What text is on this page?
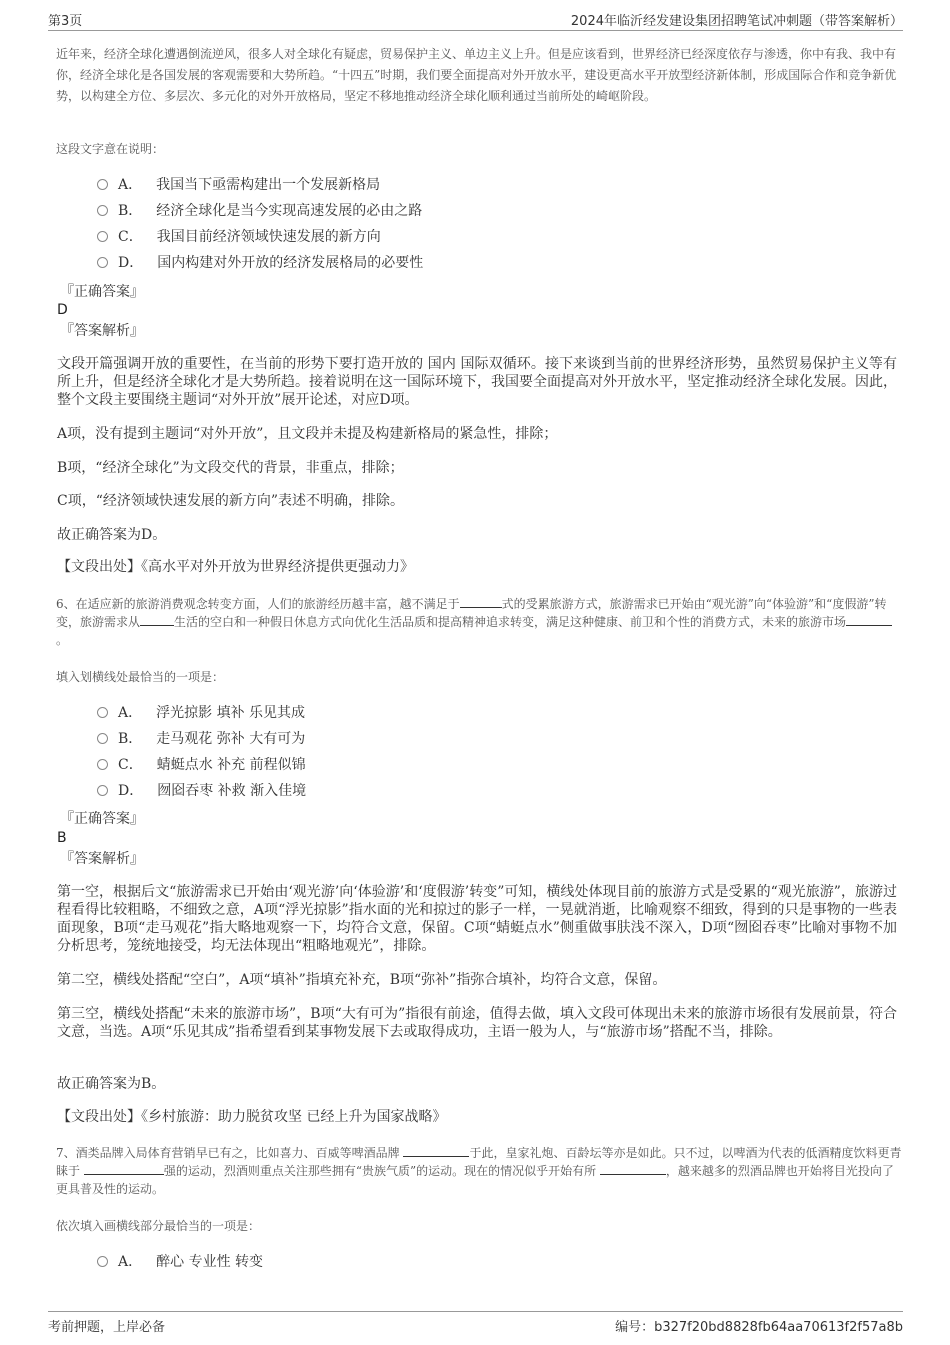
第3页	2024年临沂经发建设集团招聘笔试冲刺题（带答案解析）

近年来，经济全球化遭遇倒流逆风，很多人对全球化有疑虑，贸易保护主义、单边主义上升。但是应该看到，世界经济已经深度依存与渗透，你中有我、我中有你，经济全球化是各国发展的客观需要和大势所趋。“十四五”时期，我们要全面提高对外开放水平，建设更高水平开放型经济新体制，形成国际合作和竞争新优势，以构建全方位、多层次、多元化的对外开放格局，坚定不移地推动经济全球化顺利通过当前所处的崎岖阶段。

这段文字意在说明：

A． 我国当下亟需构建出一个发展新格局
B． 经济全球化是当今实现高速发展的必由之路
C． 我国目前经济领域快速发展的新方向
D． 国内构建对外开放的经济发展格局的必要性
『正确答案』
D
『答案解析』

文段开篇强调开放的重要性，在当前的形势下要打造开放的 国内 国际双循环。接下来谈到当前的世界经济形势，虽然贸易保护主义等有所上升，但是经济全球化才是大势所趋。接着说明在这一国际环境下，我国要全面提高对外开放水平，坚定推动经济全球化发展。因此，整个文段主要围绕主题词“对外开放”展开论述，对应D项。

A项，没有提到主题词“对外开放”，且文段并未提及构建新格局的紧急性，排除；

B项，“经济全球化”为文段交代的背景，非重点，排除；

C项，“经济领域快速发展的新方向”表述不明确，排除。

故正确答案为D。

【文段出处】《高水平对外开放为世界经济提供更强动力》

6、在适应新的旅游消费观念转变方面，人们的旅游经历越丰富，越不满足于	式的受累旅游方式，旅游需求已开始由“观光游”向“体验游”和“度假游”转变，旅游需求从	生活的空白和一种假日休息方式向优化生活品质和提高精神追求转变，满足这种健康、前卫和个性的消费方式，未来的旅游市场。

填入划横线处最恰当的一项是：

A． 浮光掠影 填补 乐见其成
B． 走马观花 弥补 大有可为
C． 蜻蜓点水 补充 前程似锦
D． 囫囵吞枣 补救 渐入佳境
『正确答案』
B
『答案解析』

第一空，根据后文“旅游需求已开始由‘观光游’向‘体验游’和‘度假游’转变”可知，横线处体现目前的旅游方式是受累的“观光旅游”，旅游过程看得比较粗略，不细致之意，A项“浮光掠影”指水面的光和掠过的影子一样，一晃就消逝，比喻观察不细致，得到的只是事物的一些表面现象，B项“走马观花”指大略地观察一下，均符合文意，保留。C项“蜻蜓点水”侧重做事肤浅不深入，D项“囫囵吞枣”比喻对事物不加分析思考，笼统地接受，均无法体现出“粗略地观光”，排除。

第二空，横线处搭配“空白”，A项“填补”指填充补充，B项“弥补”指弥合填补，均符合文意，保留。

第三空，横线处搭配“未来的旅游市场”，B项“大有可为”指很有前途，值得去做，填入文段可体现出未来的旅游市场很有发展前景，符合文意，当选。A项“乐见其成”指希望看到某事物发展下去或取得成功，主语一般为人，与“旅游市场”搭配不当，排除。

故正确答案为B。

【文段出处】《乡村旅游：助力脱贫攻坚 已经上升为国家战略》

7、酒类品牌入局体育营销早已有之，比如喜力、百威等啤酒品牌	于此，皇家礼炮、百龄坛等亦是如此。只不过，以啤酒为代表的低酒精度饮料更青睐于	强的运动，烈酒则重点关注那些拥有“贵族气质”的运动。现在的情况似乎开始有所	，越来越多的烈酒品牌也开始将目光投向了更具普及性的运动。

依次填入画横线部分最恰当的一项是：

A． 醉心 专业性 转变
考前押题，上岸必备	编号：b327f20bd8828fb64aa70613f2f57a8b
